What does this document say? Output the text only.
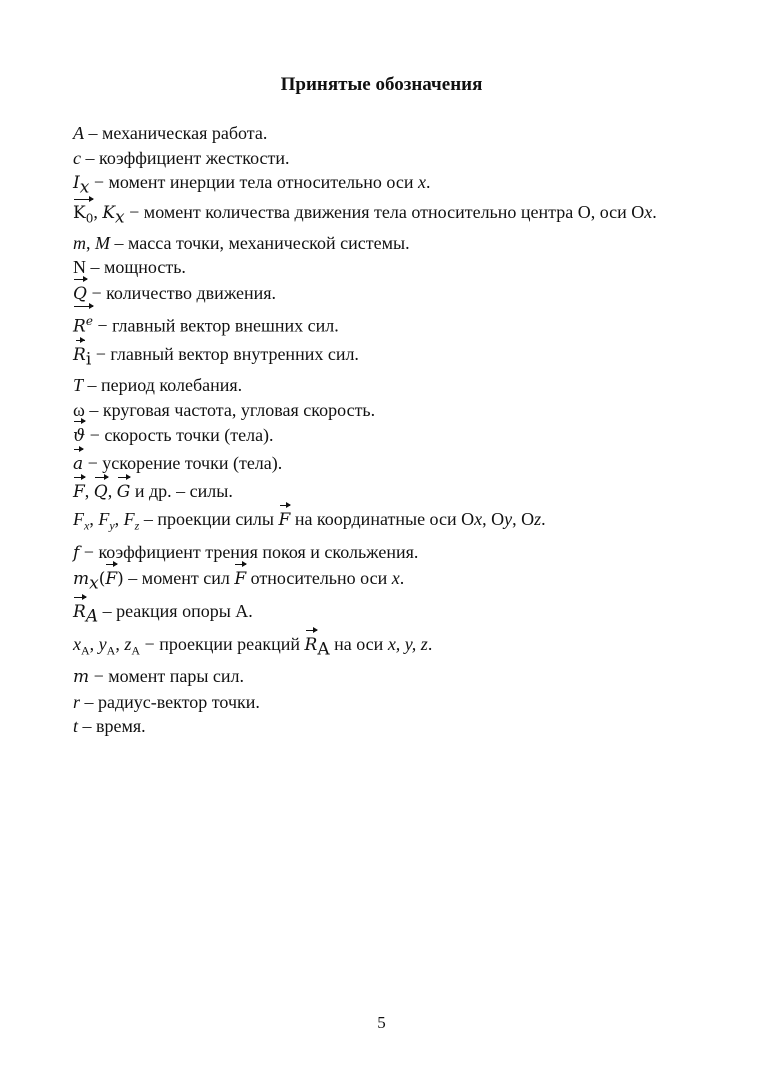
Принятые обозначения

A – механическая работа.

c – коэффициент жесткости.

$I_x$ − момент инерции тела относительно оси x.

$K_0$, $K_x$ − момент количества движения тела относительно центра О, оси Оx.

m, M – масса точки, механической системы.

N – мощность.

Q − количество движения.

$R^e$ − главный вектор внешних сил.

$R_i$ − главный вектор внутренних сил.

T – период колебания.

ω – круговая частота, угловая скорость.

ϑ − скорость точки (тела).

a − ускорение точки (тела).

F, Q, G и др. – силы.

$F_x$, $F_y$, $F_z$ – проекции силы F на координатные оси Оx, Оy, Оz.

f − коэффициент трения покоя и скольжения.

$m_x(F)$ – момент сил F относительно оси x.

$R_A$ – реакция опоры А.

$x_A$, $y_A$, $z_A$ − проекции реакций $R_A$ на оси x, y, z.

m − момент пары сил.

r – радиус-вектор точки.

t – время.

5
